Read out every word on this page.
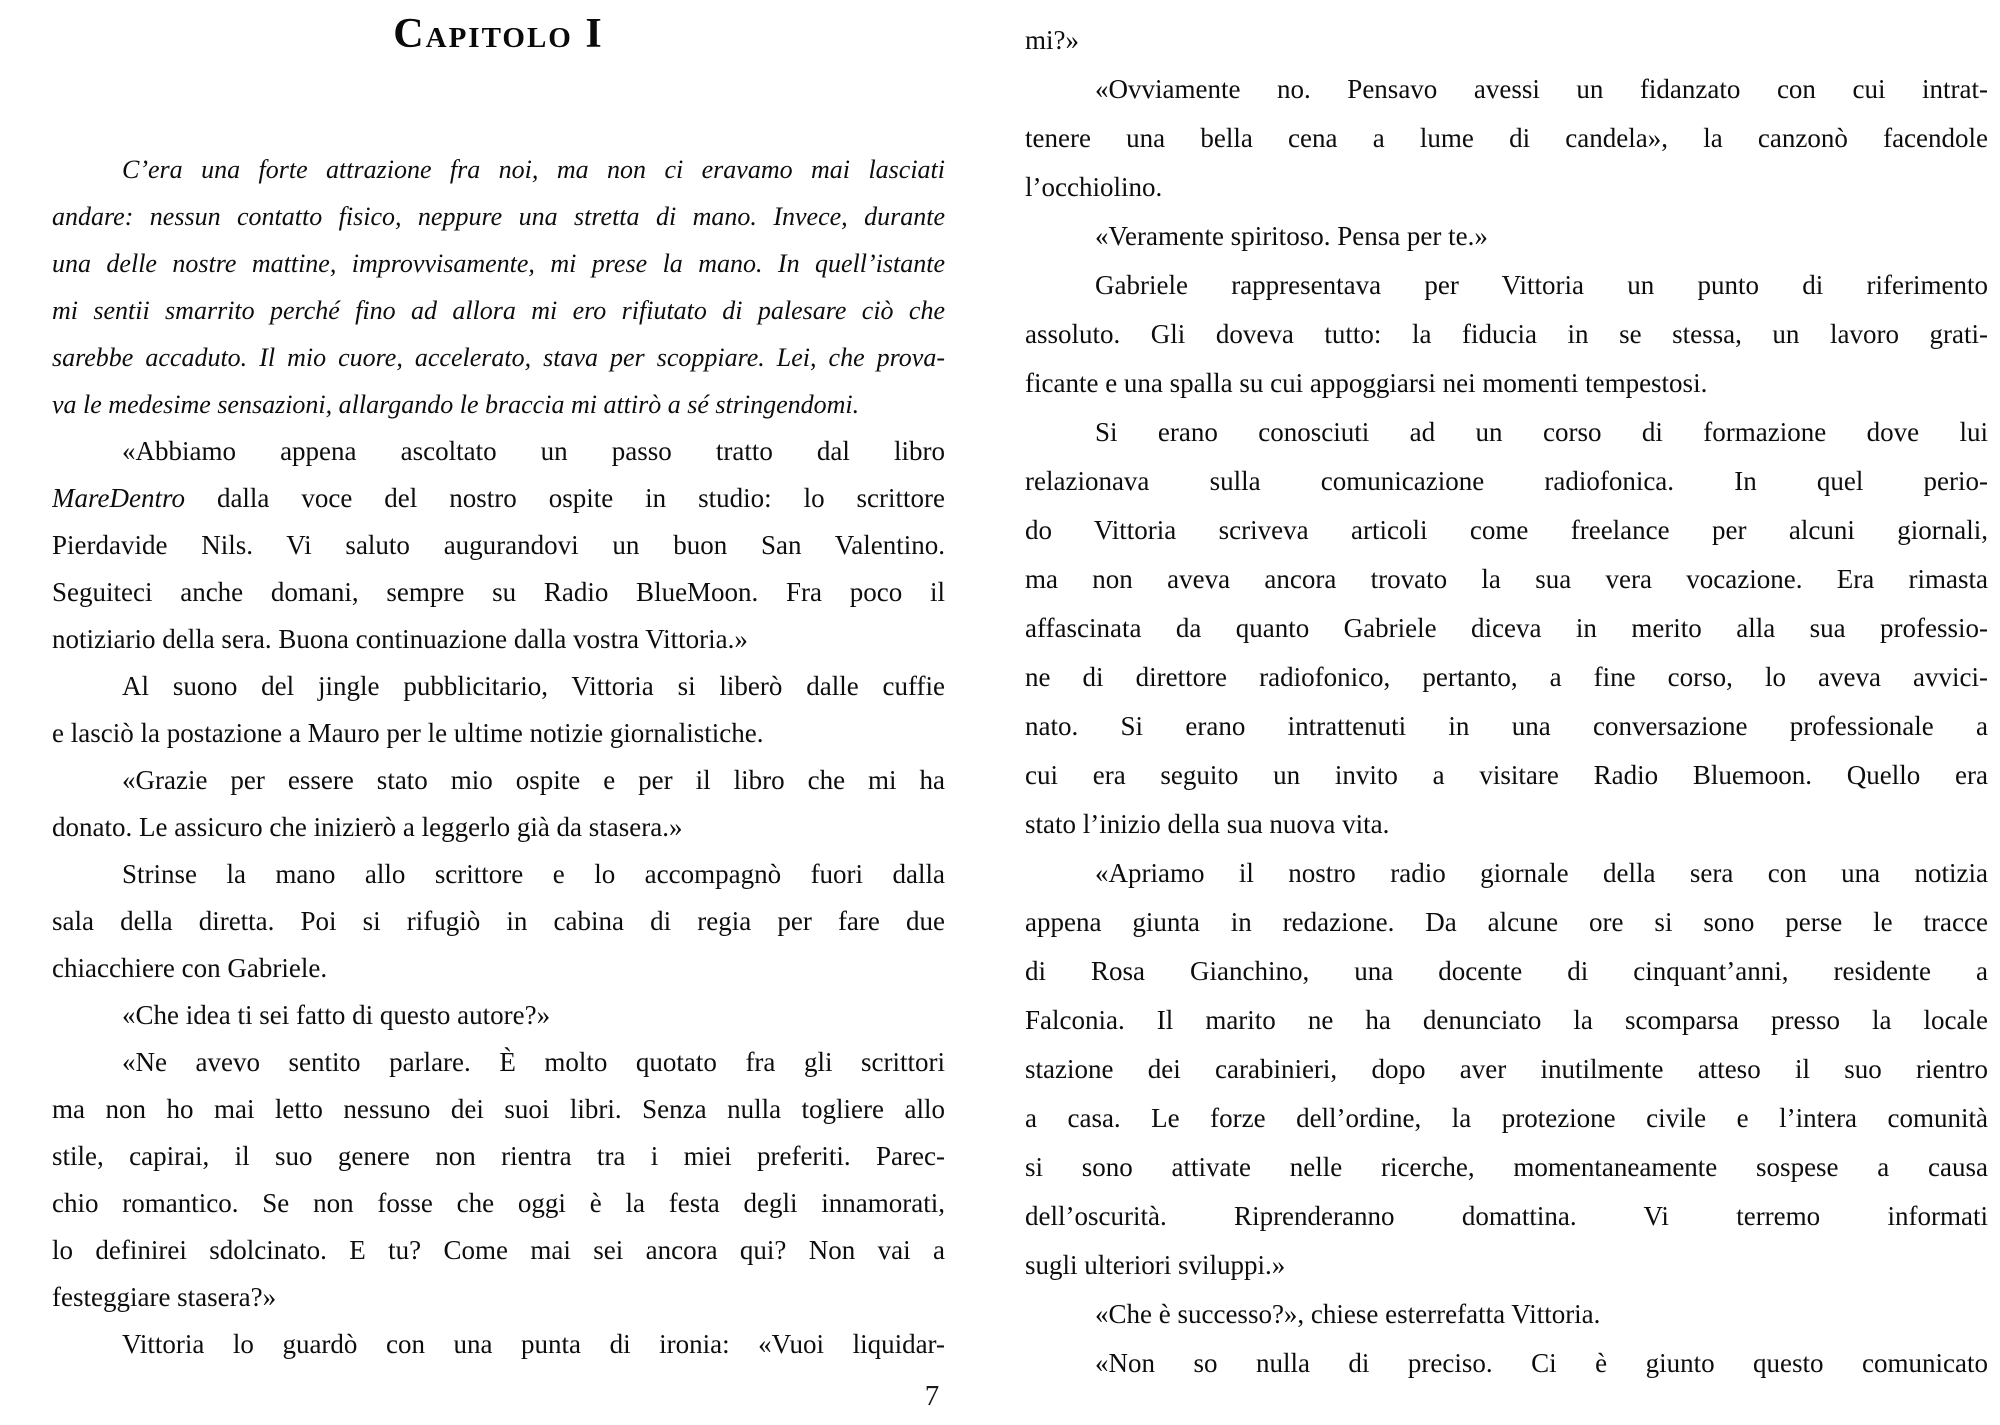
Capitolo I
C’era una forte attrazione fra noi, ma non ci eravamo mai lasciati
andare: nessun contatto fisico, neppure una stretta di mano. Invece, durante
una delle nostre mattine, improvvisamente, mi prese la mano. In quell’istante
mi sentii smarrito perché fino ad allora mi ero rifiutato di palesare ciò che
sarebbe accaduto. Il mio cuore, accelerato, stava per scoppiare. Lei, che prova-
va le medesime sensazioni, allargando le braccia mi attirò a sé stringendomi.
«Abbiamo appena ascoltato un passo tratto dal libro
MareDentro dalla voce del nostro ospite in studio: lo scrittore
Pierdavide Nils. Vi saluto augurandovi un buon San Valentino.
Seguiteci anche domani, sempre su Radio BlueMoon. Fra poco il
notiziario della sera. Buona continuazione dalla vostra Vittoria.»
Al suono del jingle pubblicitario, Vittoria si liberò dalle cuffie
e lasciò la postazione a Mauro per le ultime notizie giornalistiche.
«Grazie per essere stato mio ospite e per il libro che mi ha
donato. Le assicuro che inizierò a leggerlo già da stasera.»
Strinse la mano allo scrittore e lo accompagnò fuori dalla
sala della diretta. Poi si rifugiò in cabina di regia per fare due
chiacchiere con Gabriele.
«Che idea ti sei fatto di questo autore?»
«Ne avevo sentito parlare. È molto quotato fra gli scrittori
ma non ho mai letto nessuno dei suoi libri. Senza nulla togliere allo
stile, capirai, il suo genere non rientra tra i miei preferiti. Parec-
chio romantico. Se non fosse che oggi è la festa degli innamorati,
lo definirei sdolcinato. E tu? Come mai sei ancora qui? Non vai a
festeggiare stasera?»
Vittoria lo guardò con una punta di ironia: «Vuoi liquidar-
mi?»
«Ovviamente no. Pensavo avessi un fidanzato con cui intrat-
tenere una bella cena a lume di candela», la canzonò facendole
l’occhiolino.
«Veramente spiritoso. Pensa per te.»
Gabriele rappresentava per Vittoria un punto di riferimento
assoluto. Gli doveva tutto: la fiducia in se stessa, un lavoro grati-
ficante e una spalla su cui appoggiarsi nei momenti tempestosi.
Si erano conosciuti ad un corso di formazione dove lui
relazionava sulla comunicazione radiofonica. In quel perio-
do Vittoria scriveva articoli come freelance per alcuni giornali,
ma non aveva ancora trovato la sua vera vocazione. Era rimasta
affascinata da quanto Gabriele diceva in merito alla sua professio-
ne di direttore radiofonico, pertanto, a fine corso, lo aveva avvici-
nato. Si erano intrattenuti in una conversazione professionale a
cui era seguito un invito a visitare Radio Bluemoon. Quello era
stato l’inizio della sua nuova vita.
«Apriamo il nostro radio giornale della sera con una notizia
appena giunta in redazione. Da alcune ore si sono perse le tracce
di Rosa Gianchino, una docente di cinquant’anni, residente a
Falconia. Il marito ne ha denunciato la scomparsa presso la locale
stazione dei carabinieri, dopo aver inutilmente atteso il suo rientro
a casa. Le forze dell’ordine, la protezione civile e l’intera comunità
si sono attivate nelle ricerche, momentaneamente sospese a causa
dell’oscurità. Riprenderanno domattina. Vi terremo informati
sugli ulteriori sviluppi.»
«Che è successo?», chiese esterrefatta Vittoria.
«Non so nulla di preciso. Ci è giunto questo comunicato
7
